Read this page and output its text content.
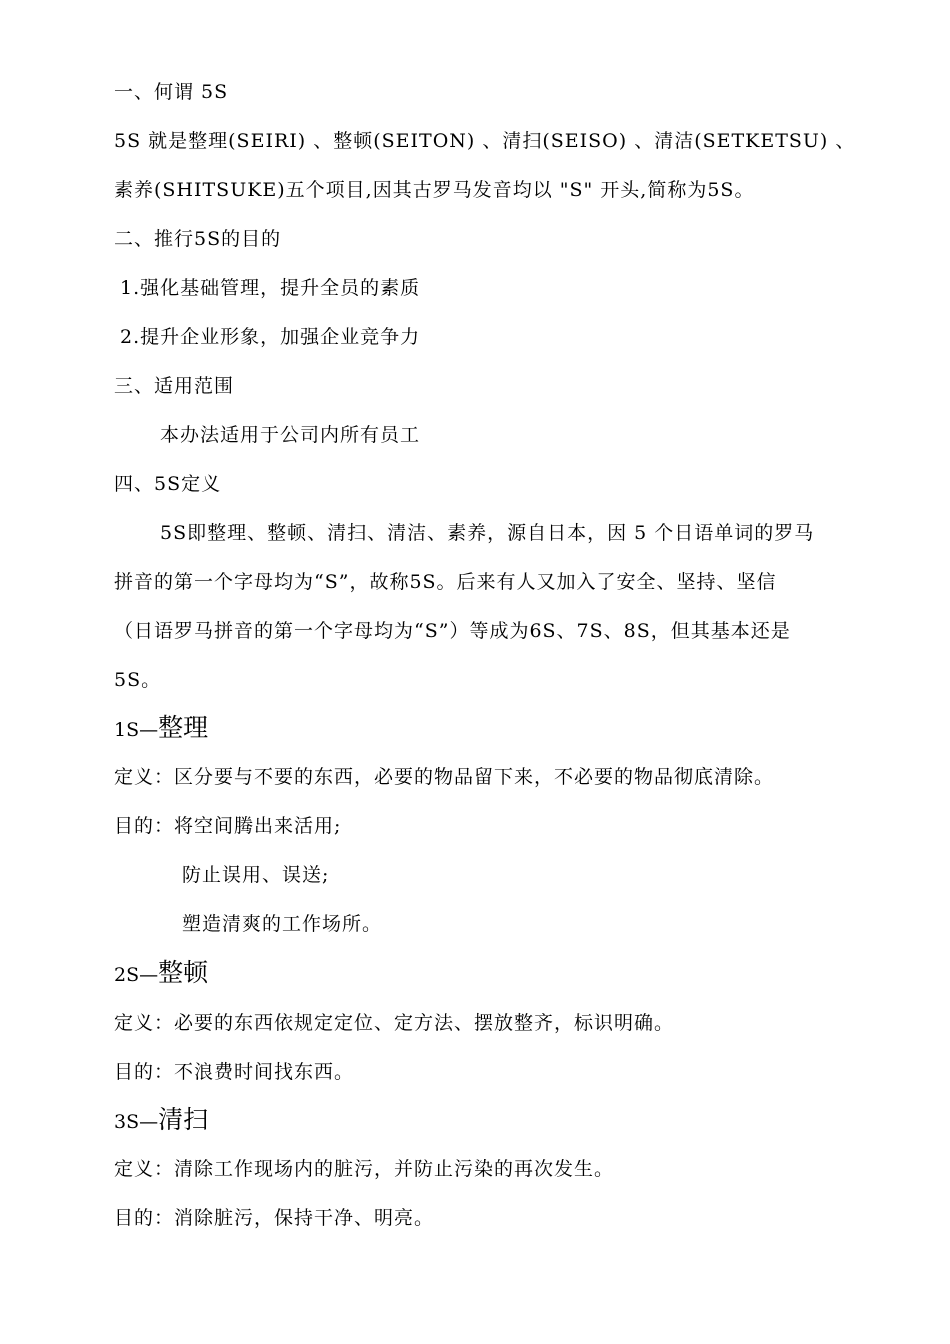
一、何谓 5S
5S 就是整理(SEIRI) 、整顿(SEITON) 、清扫(SEISO) 、清洁(SETKETSU) 、
素养(SHITSUKE)五个项目,因其古罗马发音均以 "S" 开头,简称为5S。
二、推行5S的目的
1.强化基础管理，提升全员的素质
2.提升企业形象，加强企业竞争力
三、适用范围
本办法适用于公司内所有员工
四、5S定义
5S即整理、整顿、清扫、清洁、素养，源自日本，因 5 个日语单词的罗马
拼音的第一个字母均为“S”，故称5S。后来有人又加入了安全、坚持、坚信
（日语罗马拼音的第一个字母均为“S”）等成为6S、7S、8S，但其基本还是
5S。
1S—整理
定义：区分要与不要的东西，必要的物品留下来，不必要的物品彻底清除。
目的：将空间腾出来活用;
防止误用、误送;
塑造清爽的工作场所。
2S—整顿
定义：必要的东西依规定定位、定方法、摆放整齐，标识明确。
目的：不浪费时间找东西。
3S—清扫
定义：清除工作现场内的脏污，并防止污染的再次发生。
目的：消除脏污，保持干净、明亮。
